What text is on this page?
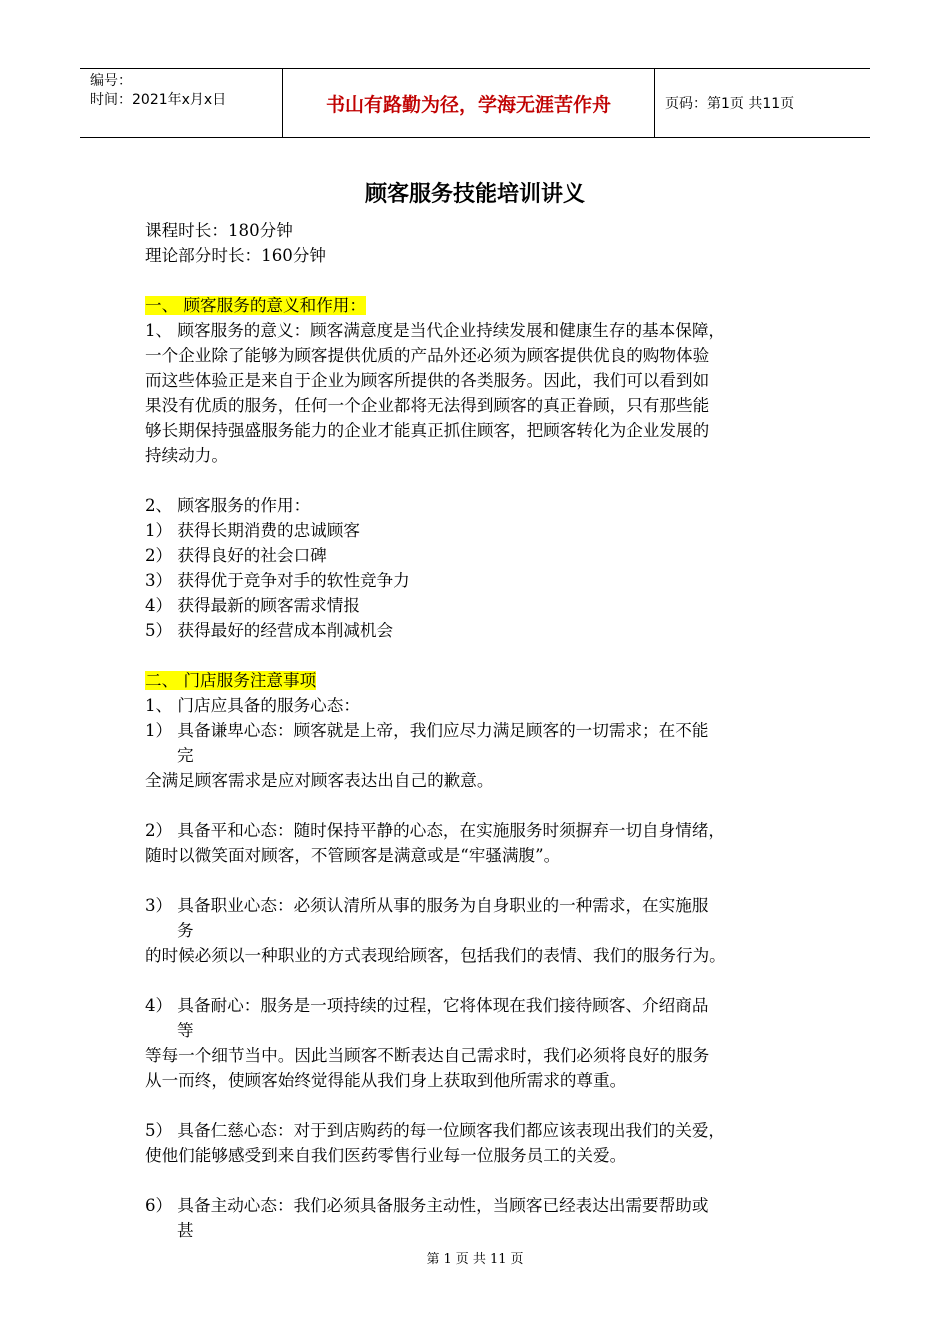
编号：
时间：2021年x月x日	书山有路勤为径，学海无涯苦作舟	页码：第1页 共11页
顾客服务技能培训讲义
课程时长：180分钟
理论部分时长：160分钟
一、 顾客服务的意义和作用：
1、 顾客服务的意义：顾客满意度是当代企业持续发展和健康生存的基本保障，
一个企业除了能够为顾客提供优质的产品外还必须为顾客提供优良的购物体验
而这些体验正是来自于企业为顾客所提供的各类服务。因此，我们可以看到如
果没有优质的服务，任何一个企业都将无法得到顾客的真正眷顾，只有那些能
够长期保持强盛服务能力的企业才能真正抓住顾客，把顾客转化为企业发展的
持续动力。
2、 顾客服务的作用：
1） 获得长期消费的忠诚顾客
2） 获得良好的社会口碑
3） 获得优于竞争对手的软性竞争力
4） 获得最新的顾客需求情报
5） 获得最好的经营成本削减机会
二、 门店服务注意事项
1、 门店应具备的服务心态：
1） 具备谦卑心态：顾客就是上帝，我们应尽力满足顾客的一切需求；在不能
完
全满足顾客需求是应对顾客表达出自己的歉意。
2） 具备平和心态：随时保持平静的心态，在实施服务时须摒弃一切自身情绪，
随时以微笑面对顾客，不管顾客是满意或是“牢骚满腹”。
3） 具备职业心态：必须认清所从事的服务为自身职业的一种需求，在实施服
务
的时候必须以一种职业的方式表现给顾客，包括我们的表情、我们的服务行为。
4） 具备耐心：服务是一项持续的过程，它将体现在我们接待顾客、介绍商品
等
等每一个细节当中。因此当顾客不断表达自己需求时，我们必须将良好的服务
从一而终，使顾客始终觉得能从我们身上获取到他所需求的尊重。
5） 具备仁慈心态：对于到店购药的每一位顾客我们都应该表现出我们的关爱，
使他们能够感受到来自我们医药零售行业每一位服务员工的关爱。
6） 具备主动心态：我们必须具备服务主动性，当顾客已经表达出需要帮助或
甚
第 1 页 共 11 页
